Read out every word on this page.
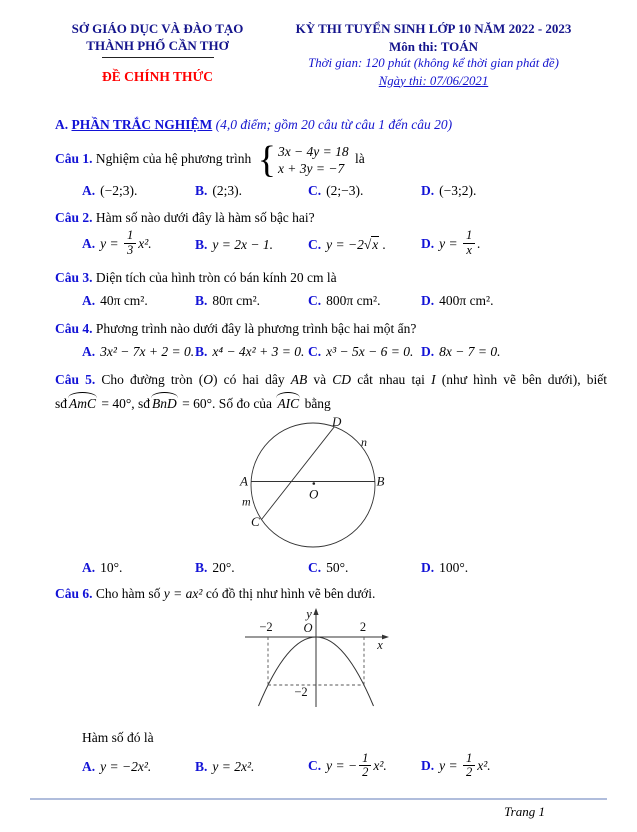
SỞ GIÁO DỤC VÀ ĐÀO TẠO
THÀNH PHỐ CẦN THƠ
ĐỀ CHÍNH THỨC
KỲ THI TUYỂN SINH LỚP 10 NĂM 2022 - 2023
Môn thi: TOÁN
Thời gian: 120 phút (không kể thời gian phát đề)
Ngày thi: 07/06/2021
A. PHẦN TRẮC NGHIỆM (4,0 điểm; gồm 20 câu từ câu 1 đến câu 20)
Câu 1. Nghiệm của hệ phương trình { 3x − 4y = 18
x + 3y = −7
là
A. (−2;3).	B. (2;3).	C. (2;−3).	D. (−3;2).
Câu 2. Hàm số nào dưới đây là hàm số bậc hai?
A. $y = \frac{1}{3} x^2$.	B. y = 2x − 1.	C. y = −2√x .	D. $y = \frac{1}{x}$ .
Câu 3. Diện tích của hình tròn có bán kính 20 cm là
A. 40π cm².	B. 80π cm².	C. 800π cm².	D. 400π cm².
Câu 4. Phương trình nào dưới đây là phương trình bậc hai một ẩn?
A. 3x² − 7x + 2 = 0. B. x⁴ − 4x² + 3 = 0. C. x³ − 5x − 6 = 0. D. 8x − 7 = 0.
Câu 5. Cho đường tròn (O) có hai dây AB và CD cắt nhau tại I (như hình vẽ bên dưới), biết
sđ AmC = 40°, sđ BnD = 60°. Số đo của AIC bằng
D
n
A	B
m
C
O
A. 10°.	B. 20°.	C. 50°.	D. 100°.
Câu 6. Cho hàm số y = ax² có đồ thị như hình vẽ bên dưới.
−2 O	2
y
x
−2
Hàm số đó là
A. y = −2x².	B. y = 2x².	C. y = − $\frac{1}{2} x^2$.	D. $y = \frac{1}{2} x^2$.
Trang 1
